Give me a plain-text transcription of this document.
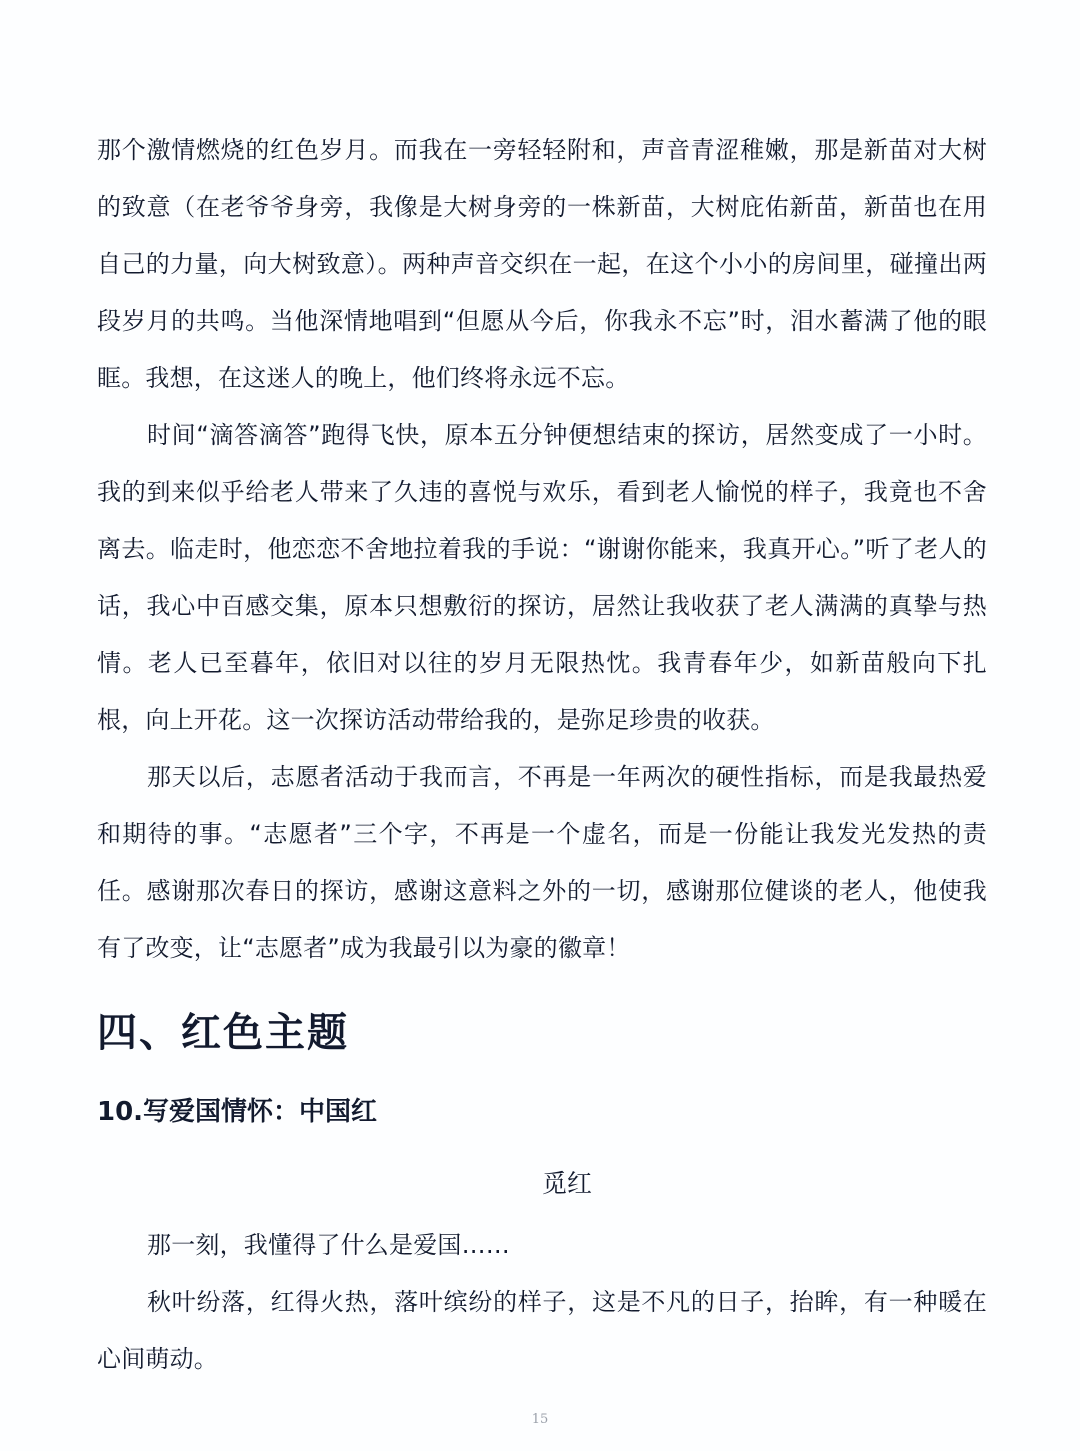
那个激情燃烧的红色岁月。而我在一旁轻轻附和，声音青涩稚嫩，那是新苗对大树的致意（在老爷爷身旁，我像是大树身旁的一株新苗，大树庇佑新苗，新苗也在用自己的力量，向大树致意）。两种声音交织在一起，在这个小小的房间里，碰撞出两段岁月的共鸣。当他深情地唱到“但愿从今后，你我永不忘”时，泪水蓄满了他的眼眶。我想，在这迷人的晚上，他们终将永远不忘。

时间“滴答滴答”跑得飞快，原本五分钟便想结束的探访，居然变成了一小时。我的到来似乎给老人带来了久违的喜悦与欢乐，看到老人愉悦的样子，我竟也不舍离去。临走时，他恋恋不舍地拉着我的手说：“谢谢你能来，我真开心。”听了老人的话，我心中百感交集，原本只想敷衍的探访，居然让我收获了老人满满的真挚与热情。老人已至暮年，依旧对以往的岁月无限热忱。我青春年少，如新苗般向下扎根，向上开花。这一次探访活动带给我的，是弥足珍贵的收获。

那天以后，志愿者活动于我而言，不再是一年两次的硬性指标，而是我最热爱和期待的事。“志愿者”三个字，不再是一个虚名，而是一份能让我发光发热的责任。感谢那次春日的探访，感谢这意料之外的一切，感谢那位健谈的老人，他使我有了改变，让“志愿者”成为我最引以为豪的徽章！

四、红色主题
10.写爱国情怀：中国红
觅红

那一刻，我懂得了什么是爱国……

秋叶纷落，红得火热，落叶缤纷的样子，这是不凡的日子，抬眸，有一种暖在心间萌动。

15
